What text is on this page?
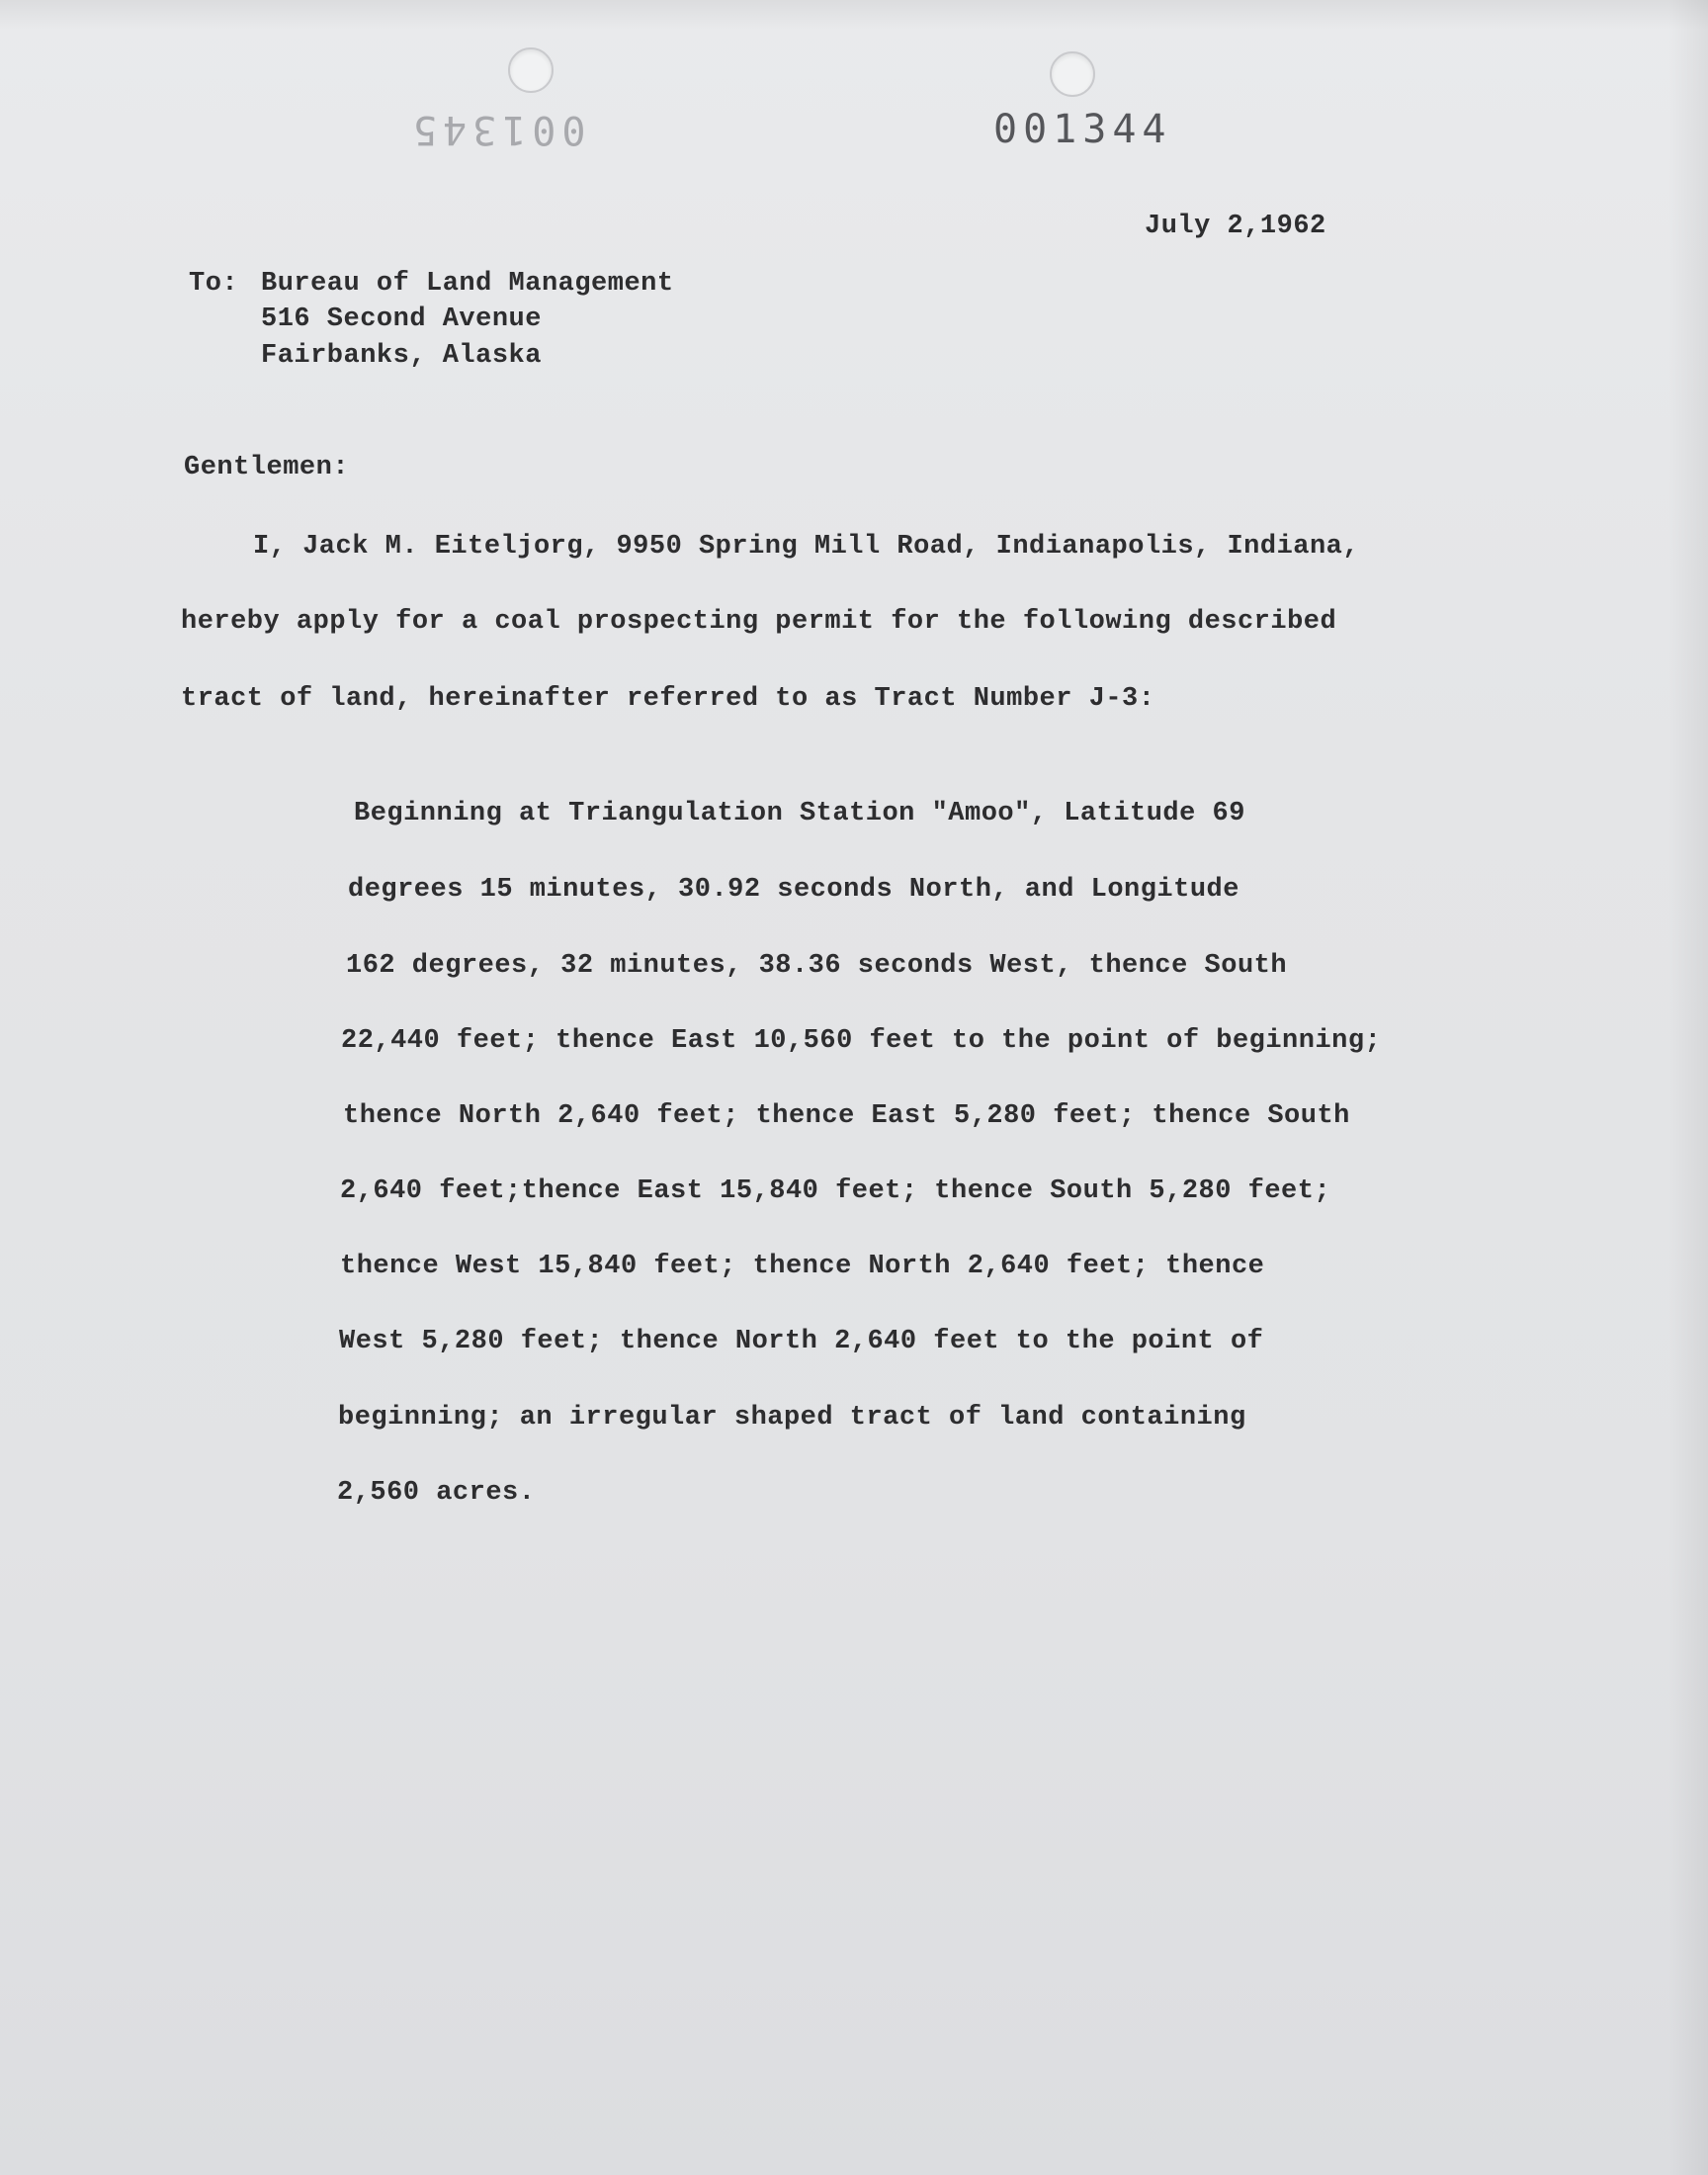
001345	001344
July 2,1962
To: Bureau of Land Management
516 Second Avenue
Fairbanks, Alaska
Gentlemen:
I, Jack M. Eiteljorg, 9950 Spring Mill Road, Indianapolis, Indiana,
hereby apply for a coal prospecting permit for the following described
tract of land, hereinafter referred to as Tract Number J-3:
Beginning at Triangulation Station "Amoo", Latitude 69
degrees 15 minutes, 30.92 seconds North, and Longitude
162 degrees, 32 minutes, 38.36 seconds West, thence South
22,440 feet; thence East 10,560 feet to the point of beginning;
thence North 2,640 feet; thence East 5,280 feet; thence South
2,640 feet;thence East 15,840 feet; thence South 5,280 feet;
thence West 15,840 feet; thence North 2,640 feet; thence
West 5,280 feet; thence North 2,640 feet to the point of
beginning; an irregular shaped tract of land containing
2,560 acres.
